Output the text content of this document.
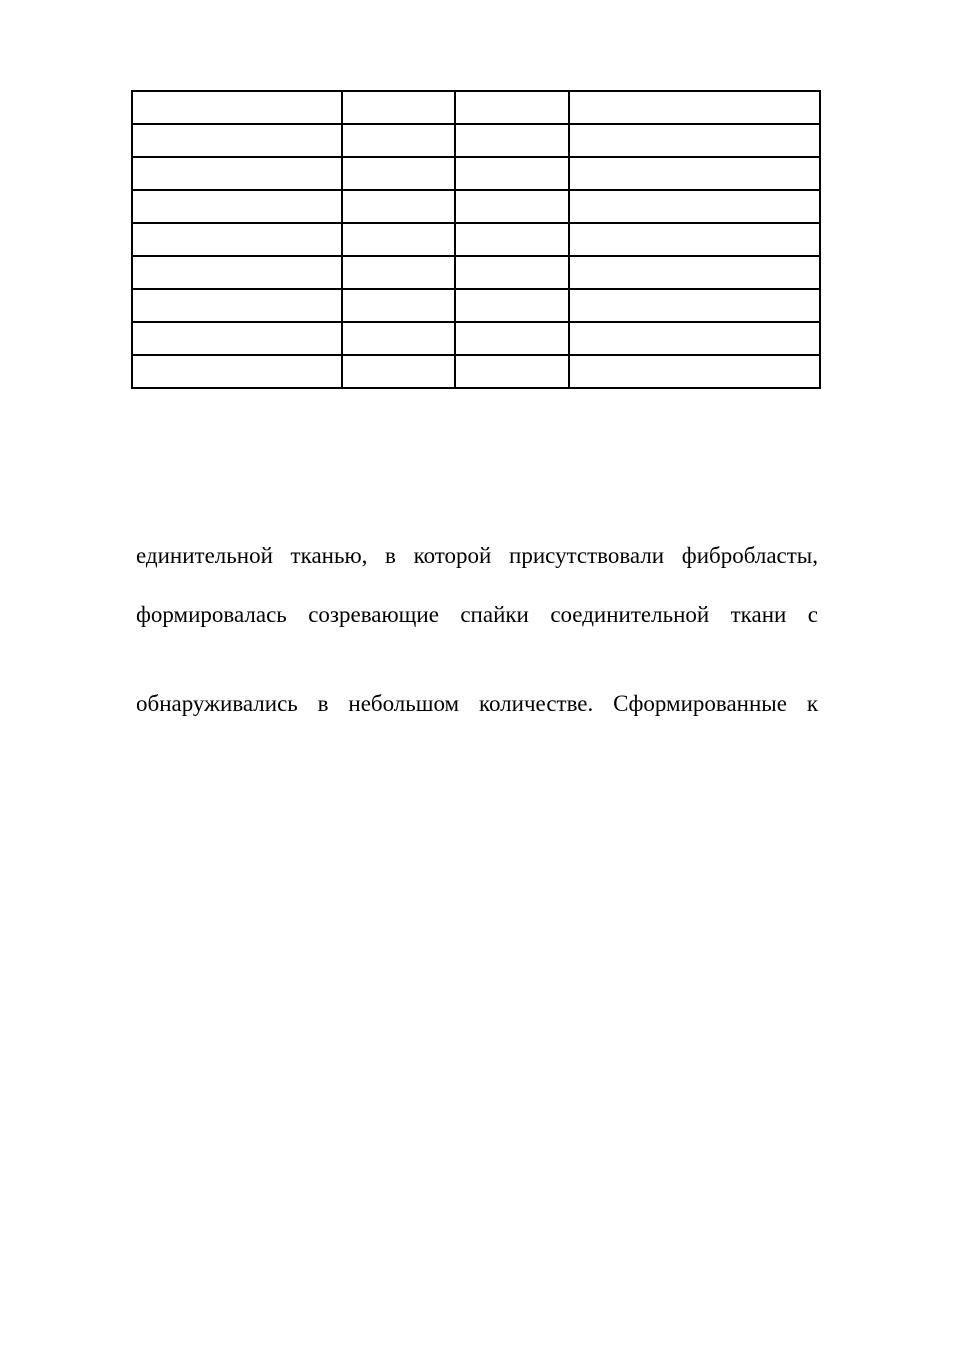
единительной тканью, в которой присутствовали фибробласты,
формировалась созревающие спайки соединительной ткани с
обнаруживались в небольшом количестве. Сформированные к
